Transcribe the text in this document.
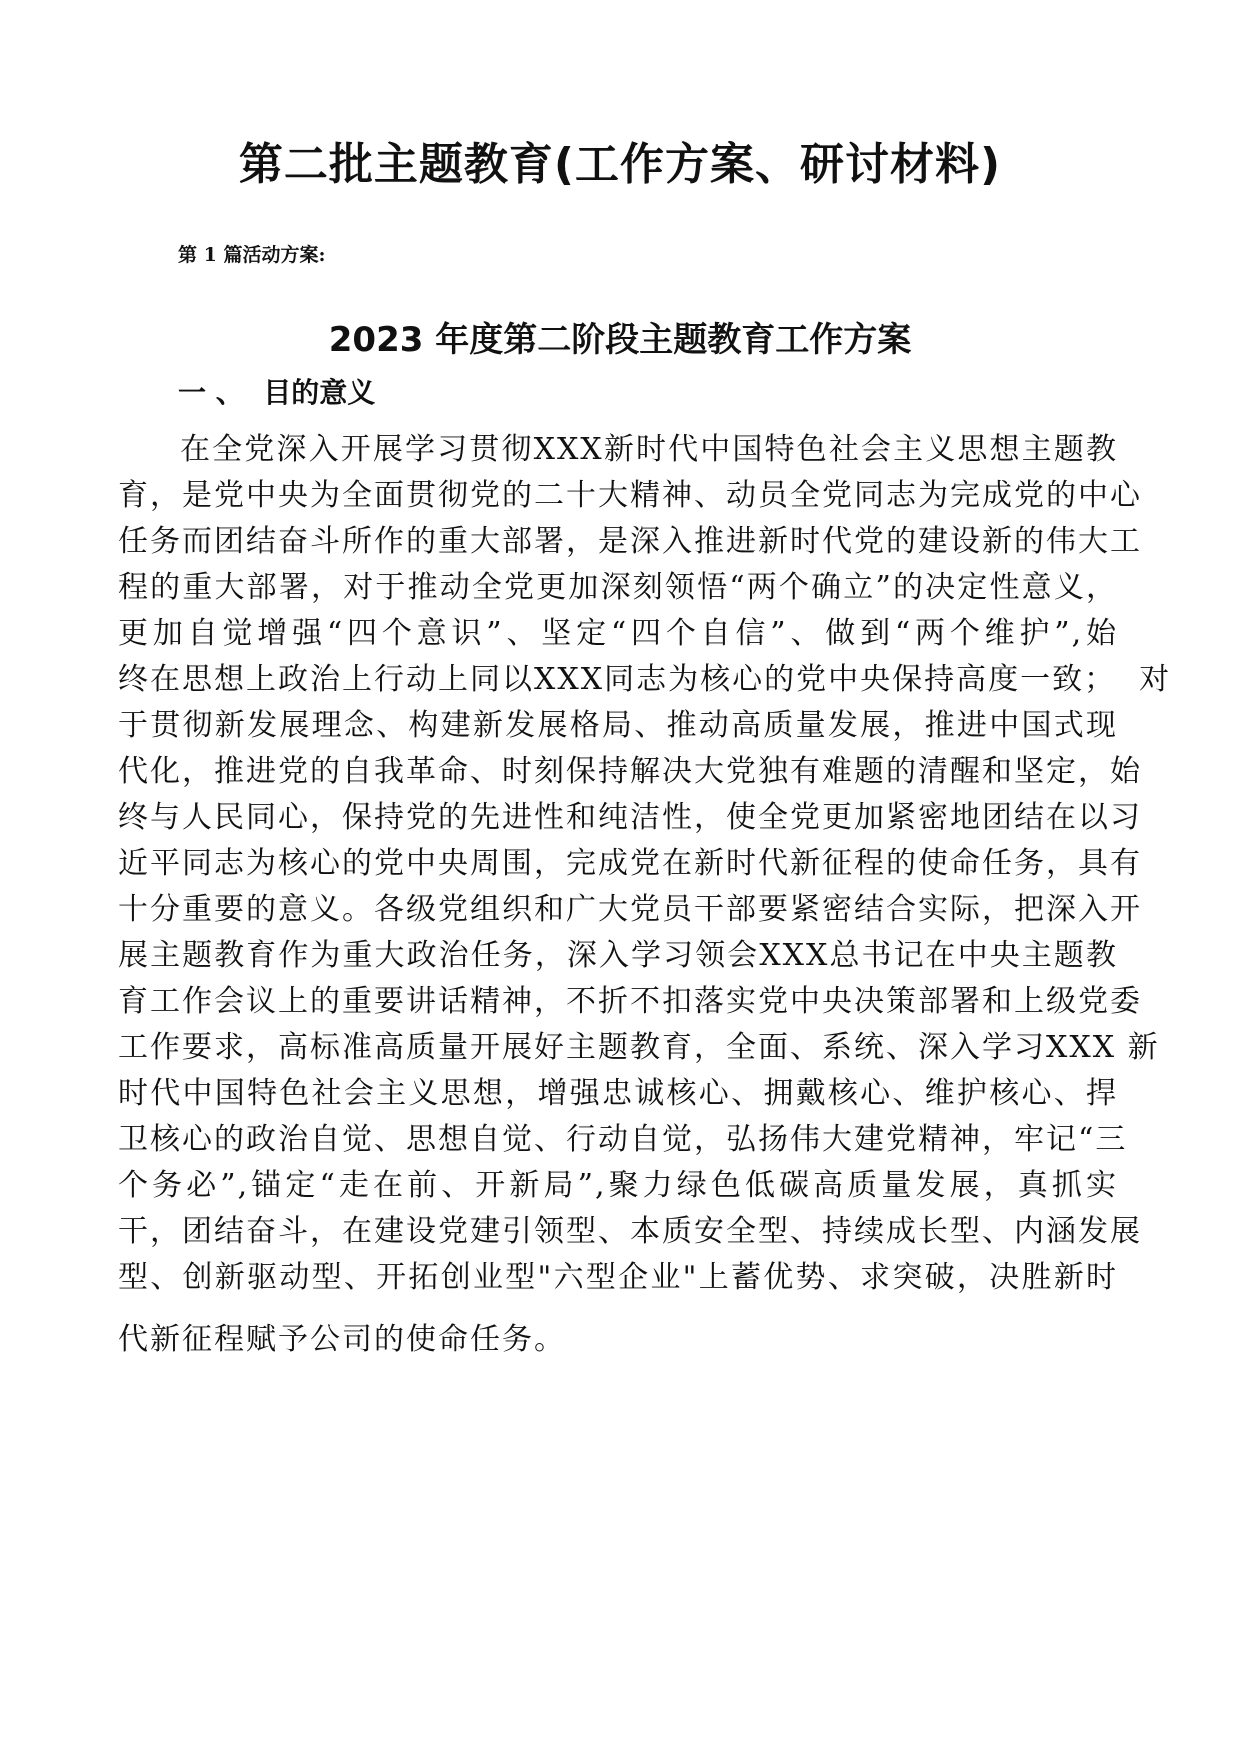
第二批主题教育(工作方案、研讨材料)

第 1 篇活动方案:

2023 年度第二阶段主题教育工作方案
一 、  目的意义
在全党深入开展学习贯彻XXX新时代中国特色社会主义思想主题教
育，是党中央为全面贯彻党的二十大精神、动员全党同志为完成党的中心
任务而团结奋斗所作的重大部署，是深入推进新时代党的建设新的伟大工
程的重大部署，对于推动全党更加深刻领悟“两个确立”的决定性意义，
更加自觉增强“四个意识”、坚定“四个自信”、做到“两个维护”,始
终在思想上政治上行动上同以XXX同志为核心的党中央保持高度一致；  对
于贯彻新发展理念、构建新发展格局、推动高质量发展，推进中国式现
代化，推进党的自我革命、时刻保持解决大党独有难题的清醒和坚定，始
终与人民同心，保持党的先进性和纯洁性，使全党更加紧密地团结在以习
近平同志为核心的党中央周围，完成党在新时代新征程的使命任务，具有
十分重要的意义。各级党组织和广大党员干部要紧密结合实际，把深入开
展主题教育作为重大政治任务，深入学习领会XXX总书记在中央主题教
育工作会议上的重要讲话精神，不折不扣落实党中央决策部署和上级党委
工作要求，高标准高质量开展好主题教育，全面、系统、深入学习XXX 新
时代中国特色社会主义思想，增强忠诚核心、拥戴核心、维护核心、捍
卫核心的政治自觉、思想自觉、行动自觉，弘扬伟大建党精神，牢记“三
个务必”,锚定“走在前、开新局”,聚力绿色低碳高质量发展，真抓实
干，团结奋斗，在建设党建引领型、本质安全型、持续成长型、内涵发展
型、创新驱动型、开拓创业型"六型企业"上蓄优势、求突破，决胜新时
代新征程赋予公司的使命任务。
